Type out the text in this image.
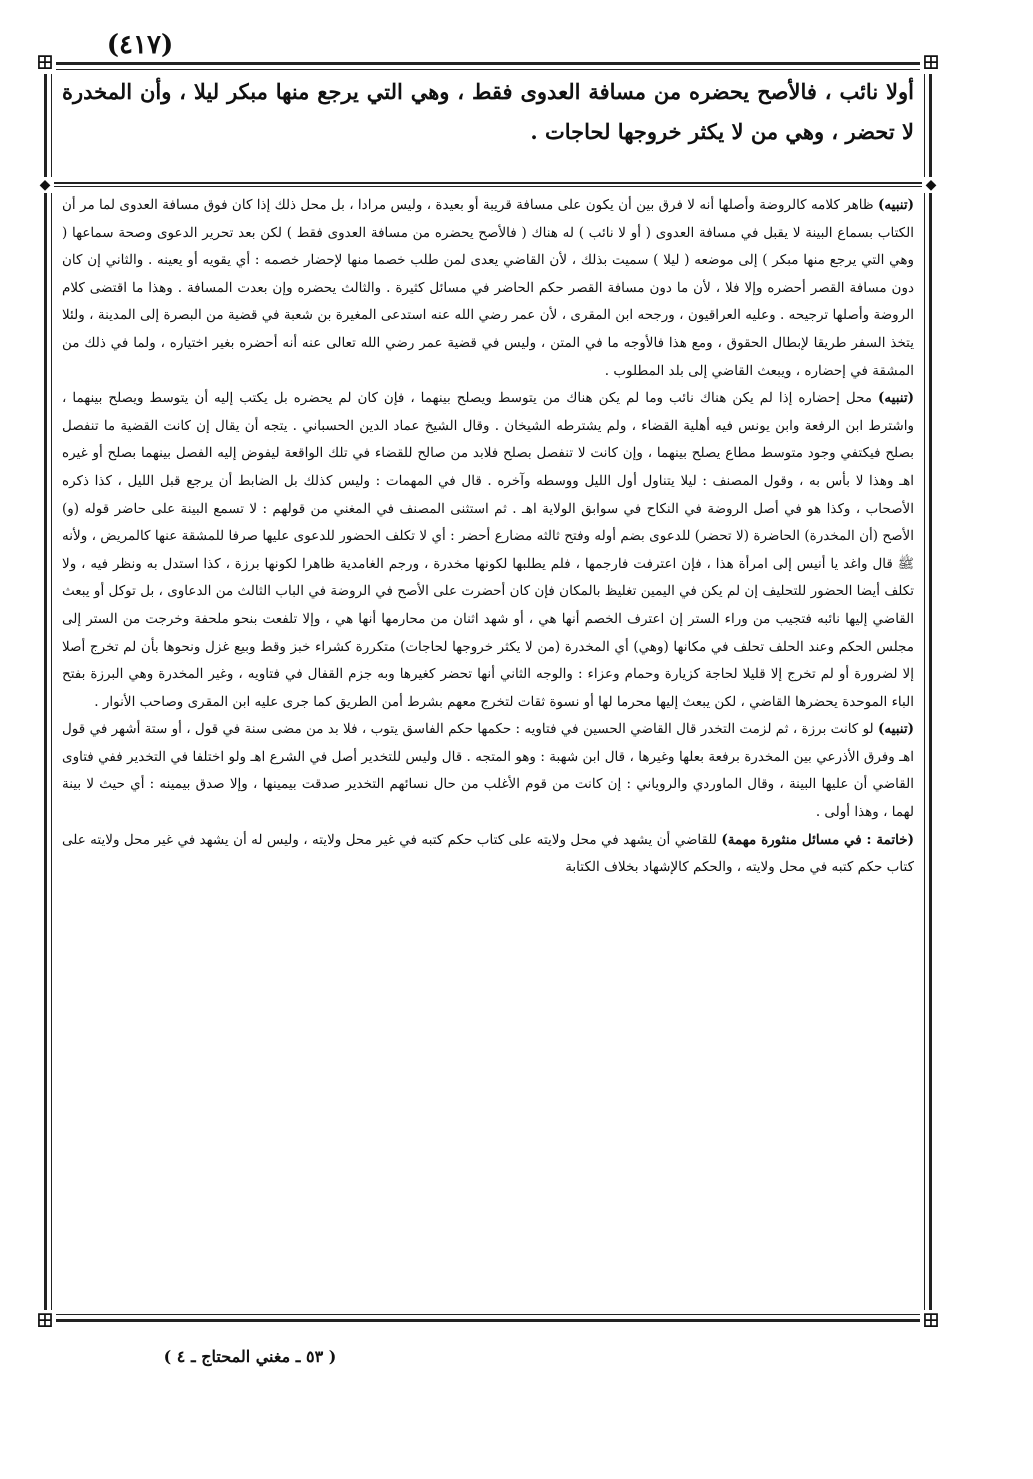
(٤١٧)
⊞	⊞
⊞	⊞
◆	◆
أولا نائب ، فالأصح يحضره من مسافة العدوى فقط ، وهي التي يرجع منها مبكر ليلا ، وأن المخدرة لا تحضر ، وهي من لا يكثر خروجها لحاجات .

(تنبيه) ظاهر كلامه كالروضة وأصلها أنه لا فرق بين أن يكون على مسافة قريبة أو بعيدة ، وليس مرادا ، بل محل ذلك إذا كان فوق مسافة العدوى لما مر أن الكتاب بسماع البينة لا يقبل في مسافة العدوى ( أو لا نائب ) له هناك ( فالأصح يحضره من مسافة العدوى فقط ) لكن بعد تحرير الدعوى وصحة سماعها ( وهي التي يرجع منها مبكر ) إلى موضعه ( ليلا ) سميت بذلك ، لأن القاضي يعدى لمن طلب خصما منها لإحضار خصمه : أي يقويه أو يعينه . والثاني إن كان دون مسافة القصر أحضره وإلا فلا ، لأن ما دون مسافة القصر حكم الحاضر في مسائل كثيرة . والثالث يحضره وإن بعدت المسافة . وهذا ما اقتضى كلام الروضة وأصلها ترجيحه . وعليه العراقيون ، ورجحه ابن المقرى ، لأن عمر رضي الله عنه استدعى المغيرة بن شعبة في قضية من البصرة إلى المدينة ، ولئلا يتخذ السفر طريقا لإبطال الحقوق ، ومع هذا فالأوجه ما في المتن ، وليس في قضية عمر رضي الله تعالى عنه أنه أحضره بغير اختياره ، ولما في ذلك من المشقة في إحضاره ، ويبعث القاضي إلى بلد المطلوب .

(تنبيه) محل إحضاره إذا لم يكن هناك نائب وما لم يكن هناك من يتوسط ويصلح بينهما ، فإن كان لم يحضره بل يكتب إليه أن يتوسط ويصلح بينهما ، واشترط ابن الرفعة وابن يونس فيه أهلية القضاء ، ولم يشترطه الشيخان . وقال الشيخ عماد الدين الحسباني . يتجه أن يقال إن كانت القضية ما تنفصل بصلح فيكتفي وجود متوسط مطاع يصلح بينهما ، وإن كانت لا تنفصل بصلح فلابد من صالح للقضاء في تلك الواقعة ليفوض إليه الفصل بينهما بصلح أو غيره اهـ وهذا لا بأس به ، وقول المصنف : ليلا يتناول أول الليل ووسطه وآخره . قال في المهمات : وليس كذلك بل الضابط أن يرجع قبل الليل ، كذا ذكره الأصحاب ، وكذا هو في أصل الروضة في النكاح في سوابق الولاية اهـ . ثم استثنى المصنف في المغني من قولهم : لا تسمع البينة على حاضر قوله (و) الأصح (أن المخدرة) الحاضرة (لا تحضر) للدعوى بضم أوله وفتح ثالثه مضارع أحضر : أي لا تكلف الحضور للدعوى عليها صرفا للمشقة عنها كالمريض ، ولأنه ﷺ قال واغد يا أنيس إلى امرأة هذا ، فإن اعترفت فارجمها ، فلم يطلبها لكونها مخدرة ، ورجم الغامدية ظاهرا لكونها برزة ، كذا استدل به ونظر فيه ، ولا تكلف أيضا الحضور للتحليف إن لم يكن في اليمين تغليظ بالمكان فإن كان أحضرت على الأصح في الروضة في الباب الثالث من الدعاوى ، بل توكل أو يبعث القاضي إليها نائبه فتجيب من وراء الستر إن اعترف الخصم أنها هي ، أو شهد اثنان من محارمها أنها هي ، وإلا تلفعت بنحو ملحفة وخرجت من الستر إلى مجلس الحكم وعند الحلف تحلف في مكانها (وهي) أي المخدرة (من لا يكثر خروجها لحاجات) متكررة كشراء خبز وقط وبيع غزل ونحوها بأن لم تخرج أصلا إلا لضرورة أو لم تخرج إلا قليلا لحاجة كزيارة وحمام وعزاء : والوجه الثاني أنها تحضر كغيرها وبه جزم القفال في فتاويه ، وغير المخدرة وهي البرزة بفتح الباء الموحدة يحضرها القاضي ، لكن يبعث إليها محرما لها أو نسوة ثقات لتخرج معهم بشرط أمن الطريق كما جرى عليه ابن المقرى وصاحب الأنوار .

(تنبيه) لو كانت برزة ، ثم لزمت التخدر قال القاضي الحسين في فتاويه : حكمها حكم الفاسق يتوب ، فلا بد من مضى سنة في قول ، أو ستة أشهر في قول اهـ وفرق الأذرعي بين المخدرة برفعة بعلها وغيرها ، قال ابن شهبة : وهو المتجه . قال وليس للتخدير أصل في الشرع اهـ ولو اختلفا في التخدير ففي فتاوى القاضي أن عليها البينة ، وقال الماوردي والروياني : إن كانت من قوم الأغلب من حال نسائهم التخدير صدقت بيمينها ، وإلا صدق بيمينه : أي حيث لا بينة لهما ، وهذا أولى .

(خاتمة : في مسائل منثورة مهمة) للقاضي أن يشهد في محل ولايته على كتاب حكم كتبه في غير محل ولايته ، وليس له أن يشهد في غير محل ولايته على كتاب حكم كتبه في محل ولايته ، والحكم كالإشهاد بخلاف الكتابة

( ٥٣ ـ مغني المحتاج ـ ٤ )
